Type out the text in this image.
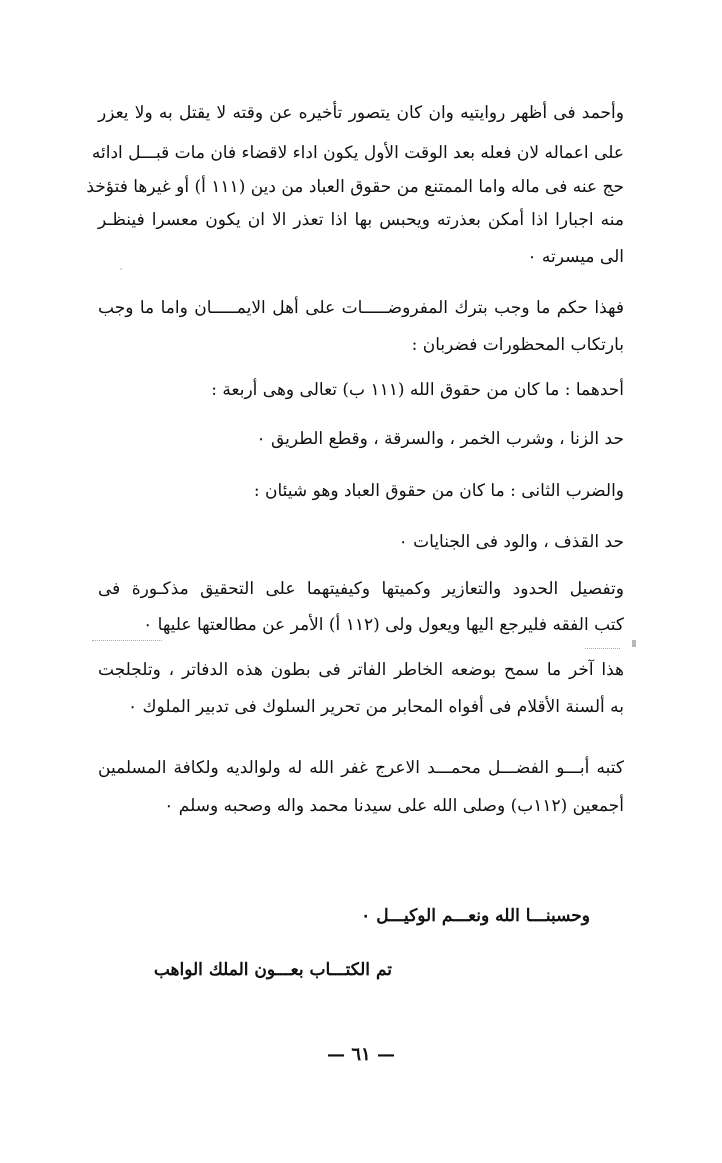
وأحمد فى أظهر روايتيه وان كان يتصور تأخيره عن وقته لا يقتل به ولا يعزر
على اعماله لان فعله بعد الوقت الأول يكون اداء لاقضاء فان مات قبـــل ادائه
حج عنه فى ماله واما الممتنع من حقوق العباد من دين (١١١ أ) أو غيرها فتؤخذ
منه اجبارا اذا أمكن بعذرته ويحبس بها اذا تعذر الا ان يكون معسرا فينظـر
الى ميسرته ٠
فهذا حكم ما وجب بترك المفروضـــــات على أهل الايمـــــان واما ما وجب
بارتكاب المحظورات فضربان :
أحدهما : ما كان من حقوق الله (١١١ ب) تعالى وهى أربعة :
حد الزنا ، وشرب الخمر ، والسرقة ، وقطع الطريق ٠
والضرب الثانى : ما كان من حقوق العباد وهو شيئان :
حد القذف ، والود فى الجنايات ٠
وتفصيل الحدود والتعازير وكميتها وكيفيتهما على التحقيق مذكـورة فى
كتب الفقه فليرجع اليها ويعول ولى (١١٢ أ) الأمر عن مطالعتها عليها ٠
هذا آخر ما سمح بوضعه الخاطر الفاتر فى بطون هذه الدفاتر ، وتلجلجت
به ألسنة الأقلام فى أفواه المحابر من تحرير السلوك فى تدبير الملوك ٠
كتبه أبـــو الفضـــل محمـــد الاعرج غفر الله له ولوالديه ولكافة المسلمين
أجمعين (١١٢ب) وصلى الله على سيدنا محمد واله وصحبه وسلم ٠
وحسبنـــا الله ونعـــم الوكيـــل ٠
تم الكتـــاب بعـــون الملك الواهب
— ٦١ —
